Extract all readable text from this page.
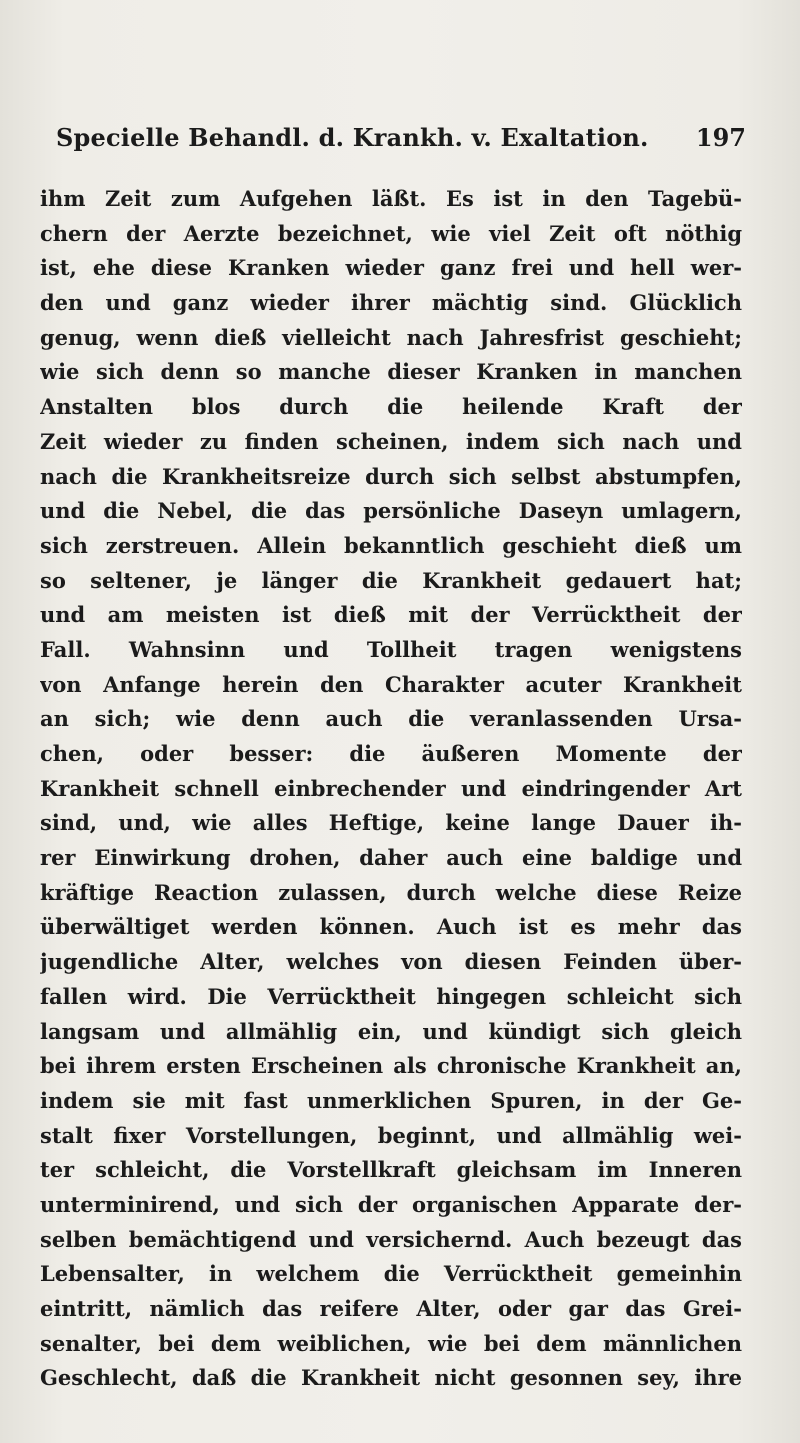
Specielle Behandl. d. Krankh. v. Exaltation. 197
ihm Zeit zum Aufgehen läßt. Es ist in den Tagebü-
chern der Aerzte bezeichnet, wie viel Zeit oft nöthig
ist, ehe diese Kranken wieder ganz frei und hell wer-
den und ganz wieder ihrer mächtig sind. Glücklich
genug, wenn dieß vielleicht nach Jahresfrist geschieht;
wie sich denn so manche dieser Kranken in manchen
Anstalten blos durch die heilende Kraft der
Zeit wieder zu finden scheinen, indem sich nach und
nach die Krankheitsreize durch sich selbst abstumpfen,
und die Nebel, die das persönliche Daseyn umlagern,
sich zerstreuen. Allein bekanntlich geschieht dieß um
so seltener, je länger die Krankheit gedauert hat;
und am meisten ist dieß mit der Verrücktheit der
Fall. Wahnsinn und Tollheit tragen wenigstens
von Anfange herein den Charakter acuter Krankheit
an sich; wie denn auch die veranlassenden Ursa-
chen, oder besser: die äußeren Momente der
Krankheit schnell einbrechender und eindringender Art
sind, und, wie alles Heftige, keine lange Dauer ih-
rer Einwirkung drohen, daher auch eine baldige und
kräftige Reaction zulassen, durch welche diese Reize
überwältiget werden können. Auch ist es mehr das
jugendliche Alter, welches von diesen Feinden über-
fallen wird. Die Verrücktheit hingegen schleicht sich
langsam und allmählig ein, und kündigt sich gleich
bei ihrem ersten Erscheinen als chronische Krankheit an,
indem sie mit fast unmerklichen Spuren, in der Ge-
stalt fixer Vorstellungen, beginnt, und allmählig wei-
ter schleicht, die Vorstellkraft gleichsam im Inneren
unterminirend, und sich der organischen Apparate der-
selben bemächtigend und versichernd. Auch bezeugt das
Lebensalter, in welchem die Verrücktheit gemeinhin
eintritt, nämlich das reifere Alter, oder gar das Grei-
senalter, bei dem weiblichen, wie bei dem männlichen
Geschlecht, daß die Krankheit nicht gesonnen sey, ihre
